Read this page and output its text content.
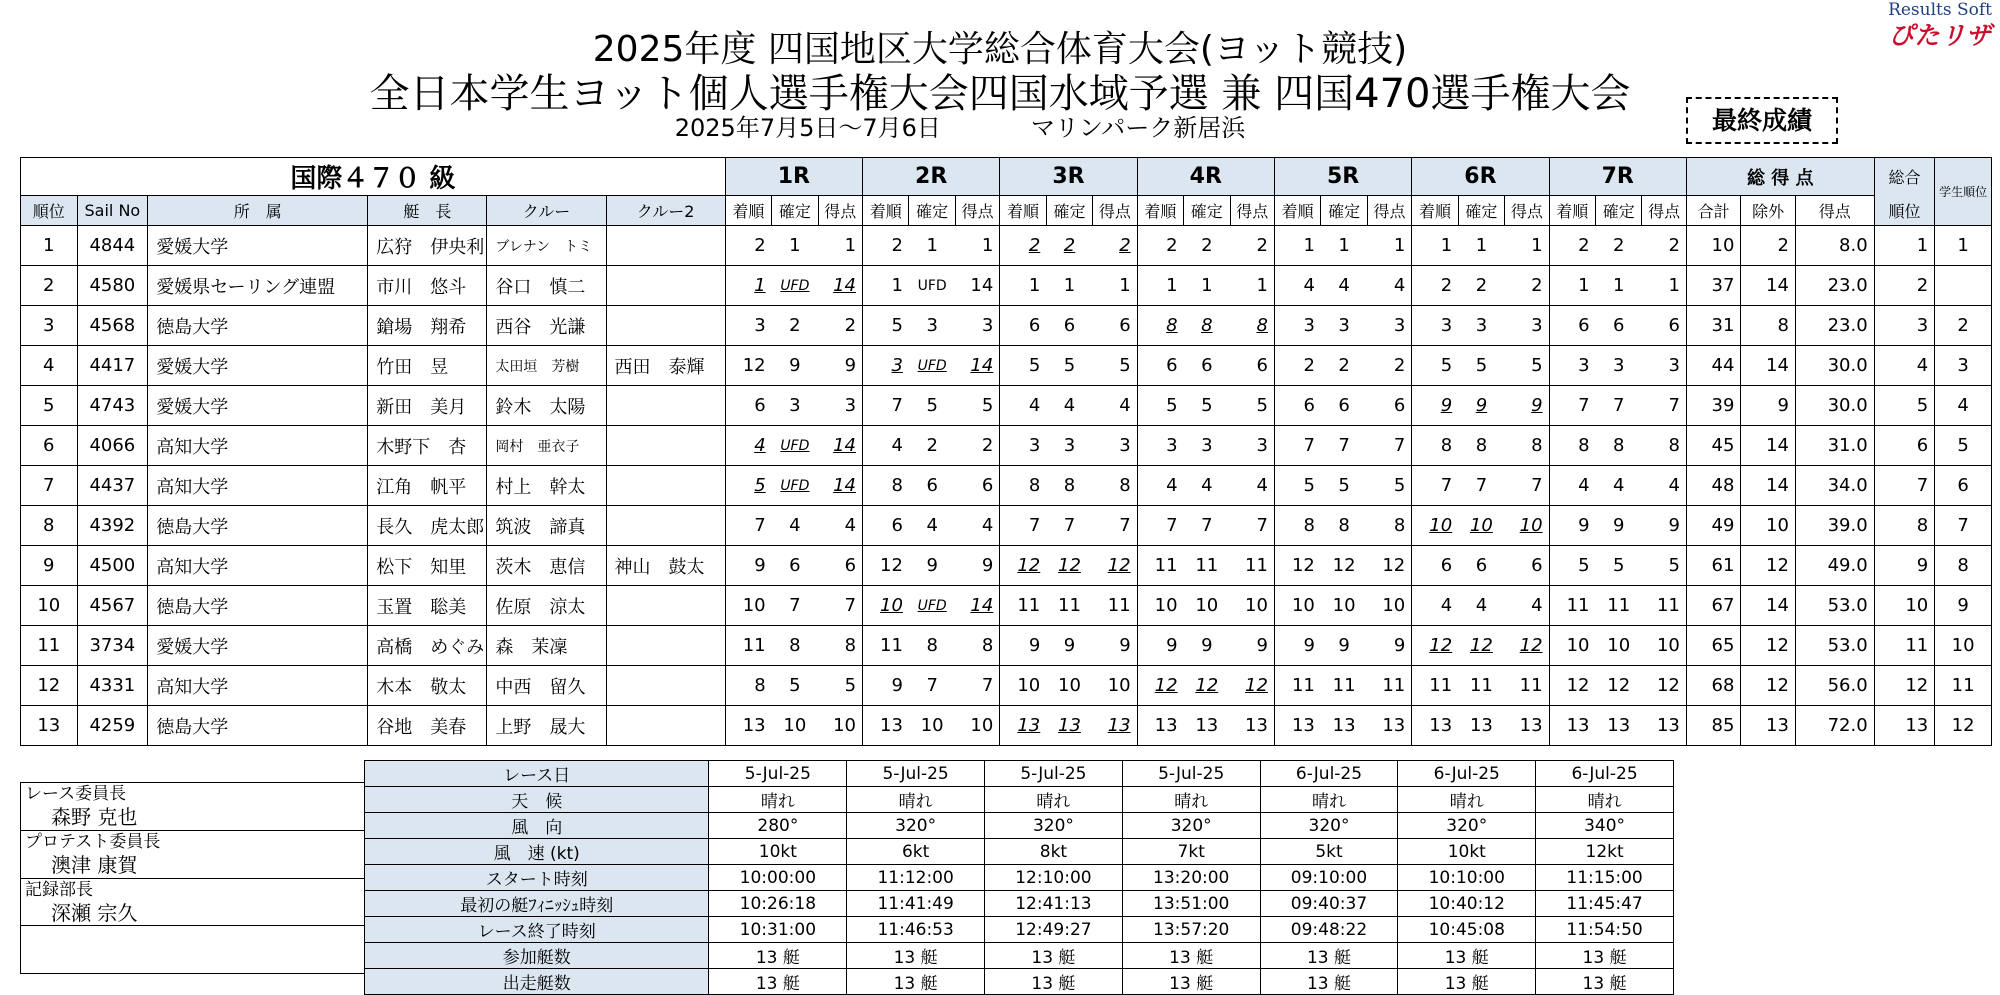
2025年度 四国地区大学総合体育大会(ヨット競技)
全日本学生ヨット個人選手権大会四国水域予選 兼 四国470選手権大会
2025年7月5日～7月6日	マリンパーク新居浜	最終成績
Results Soft
ぴたリザ
国際４７０ 級						1R			2R			3R			4R			5R			6R			7R			総 得 点			総合	学生順位
順位	Sail No	所　属	艇　長	クルー	クルー2	着順	確定	得点	着順	確定	得点	着順	確定	得点	着順	確定	得点	着順	確定	得点	着順	確定	得点	着順	確定	得点	合計	除外	得点	順位	
1	4844	愛媛大学	広狩　伊央利	ブレナン　トミ		2	1	1	2	1	1	2	2	2	2	2	2	1	1	1	1	1	1	2	2	2	10	2	8.0	1	1
2	4580	愛媛県セーリング連盟	市川　悠斗	谷口　慎二		1	UFD	14	1	UFD	14	1	1	1	1	1	1	4	4	4	2	2	2	1	1	1	37	14	23.0	2	
3	4568	徳島大学	鎗場　翔希	西谷　光謙		3	2	2	5	3	3	6	6	6	8	8	8	3	3	3	3	3	3	6	6	6	31	8	23.0	3	2
4	4417	愛媛大学	竹田　昱	太田垣　芳樹	西田　泰輝	12	9	9	3	UFD	14	5	5	5	6	6	6	2	2	2	5	5	5	3	3	3	44	14	30.0	4	3
5	4743	愛媛大学	新田　美月	鈴木　太陽		6	3	3	7	5	5	4	4	4	5	5	5	6	6	6	9	9	9	7	7	7	39	9	30.0	5	4
6	4066	高知大学	木野下　杏	岡村　亜衣子		4	UFD	14	4	2	2	3	3	3	3	3	3	7	7	7	8	8	8	8	8	8	45	14	31.0	6	5
7	4437	高知大学	江角　帆平	村上　幹太		5	UFD	14	8	6	6	8	8	8	4	4	4	5	5	5	7	7	7	4	4	4	48	14	34.0	7	6
8	4392	徳島大学	長久　虎太郎	筑波　諦真		7	4	4	6	4	4	7	7	7	7	7	7	8	8	8	10	10	10	9	9	9	49	10	39.0	8	7
9	4500	高知大学	松下　知里	茨木　恵信	神山　鼓太	9	6	6	12	9	9	12	12	12	11	11	11	12	12	12	6	6	6	5	5	5	61	12	49.0	9	8
10	4567	徳島大学	玉置　聡美	佐原　涼太		10	7	7	10	UFD	14	11	11	11	10	10	10	10	10	10	4	4	4	11	11	11	67	14	53.0	10	9
11	3734	愛媛大学	高橋　めぐみ	森　茉凜		11	8	8	11	8	8	9	9	9	9	9	9	9	9	9	12	12	12	10	10	10	65	12	53.0	11	10
12	4331	高知大学	木本　敬太	中西　留久		8	5	5	9	7	7	10	10	10	12	12	12	11	11	11	11	11	11	12	12	12	68	12	56.0	12	11
13	4259	徳島大学	谷地　美春	上野　晟大		13	10	10	13	10	10	13	13	13	13	13	13	13	13	13	13	13	13	13	13	13	85	13	72.0	13	12
レース委員長
森野 克也
プロテスト委員長
澳津 康賀
記録部長
深瀬 宗久
レース日	5-Jul-25	5-Jul-25	5-Jul-25	5-Jul-25	6-Jul-25	6-Jul-25	6-Jul-25
天　候	晴れ	晴れ	晴れ	晴れ	晴れ	晴れ	晴れ
風　向	280°	320°	320°	320°	320°	320°	340°
風　速 (kt)	10kt	6kt	8kt	7kt	5kt	10kt	12kt
スタート時刻	10:00:00	11:12:00	12:10:00	13:20:00	09:10:00	10:10:00	11:15:00
最初の艇ﾌｨﾆｯｼｭ時刻	10:26:18	11:41:49	12:41:13	13:51:00	09:40:37	10:40:12	11:45:47
レース終了時刻	10:31:00	11:46:53	12:49:27	13:57:20	09:48:22	10:45:08	11:54:50
参加艇数	13 艇	13 艇	13 艇	13 艇	13 艇	13 艇	13 艇
出走艇数	13 艇	13 艇	13 艇	13 艇	13 艇	13 艇	13 艇
